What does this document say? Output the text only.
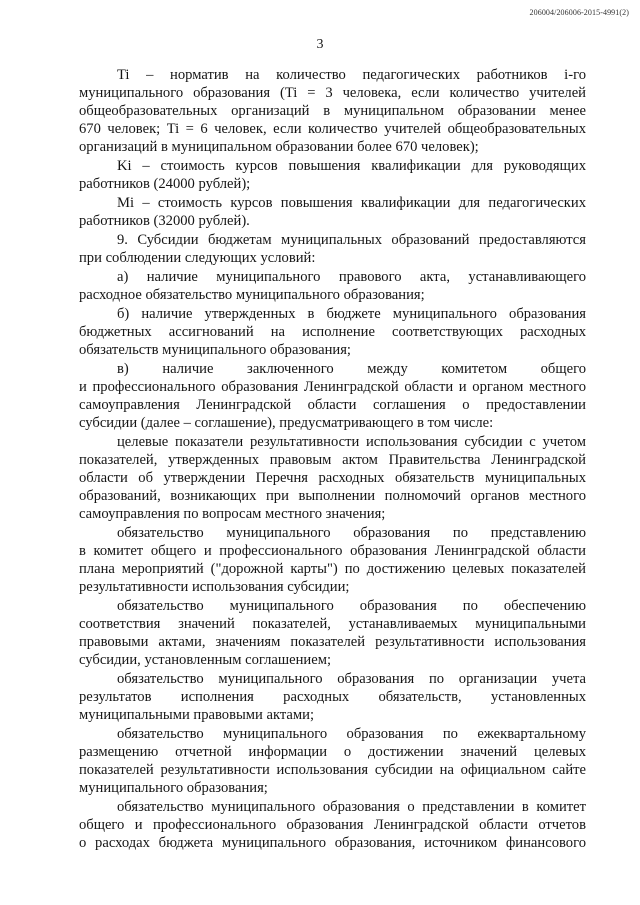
206004/206006-2015-4991(2)
3
Ti – норматив на количество педагогических работников i-го
муниципального образования (Ti = 3 человека, если количество учителей
общеобразовательных организаций в муниципальном образовании менее
670 человек; Ti = 6 человек, если количество учителей общеобразовательных
организаций в муниципальном образовании более 670 человек);
Ki – стоимость курсов повышения квалификации для руководящих
работников (24000 рублей);
Mi – стоимость курсов повышения квалификации для педагогических
работников (32000 рублей).
9. Субсидии бюджетам муниципальных образований предоставляются
при соблюдении следующих условий:
а) наличие муниципального правового акта, устанавливающего
расходное обязательство муниципального образования;
б) наличие утвержденных в бюджете муниципального образования
бюджетных ассигнований на исполнение соответствующих расходных
обязательств муниципального образования;
в) наличие заключенного между комитетом общего
и профессионального образования Ленинградской области и органом местного
самоуправления Ленинградской области соглашения о предоставлении
субсидии (далее – соглашение), предусматривающего в том числе:
целевые показатели результативности использования субсидии с учетом
показателей, утвержденных правовым актом Правительства Ленинградской
области об утверждении Перечня расходных обязательств муниципальных
образований, возникающих при выполнении полномочий органов местного
самоуправления по вопросам местного значения;
обязательство муниципального образования по представлению
в комитет общего и профессионального образования Ленинградской области
плана мероприятий ("дорожной карты") по достижению целевых показателей
результативности использования субсидии;
обязательство муниципального образования по обеспечению
соответствия значений показателей, устанавливаемых муниципальными
правовыми актами, значениям показателей результативности использования
субсидии, установленным соглашением;
обязательство муниципального образования по организации учета
результатов исполнения расходных обязательств, установленных
муниципальными правовыми актами;
обязательство муниципального образования по ежеквартальному
размещению отчетной информации о достижении значений целевых
показателей результативности использования субсидии на официальном сайте
муниципального образования;
обязательство муниципального образования о представлении в комитет
общего и профессионального образования Ленинградской области отчетов
о расходах бюджета муниципального образования, источником финансового
